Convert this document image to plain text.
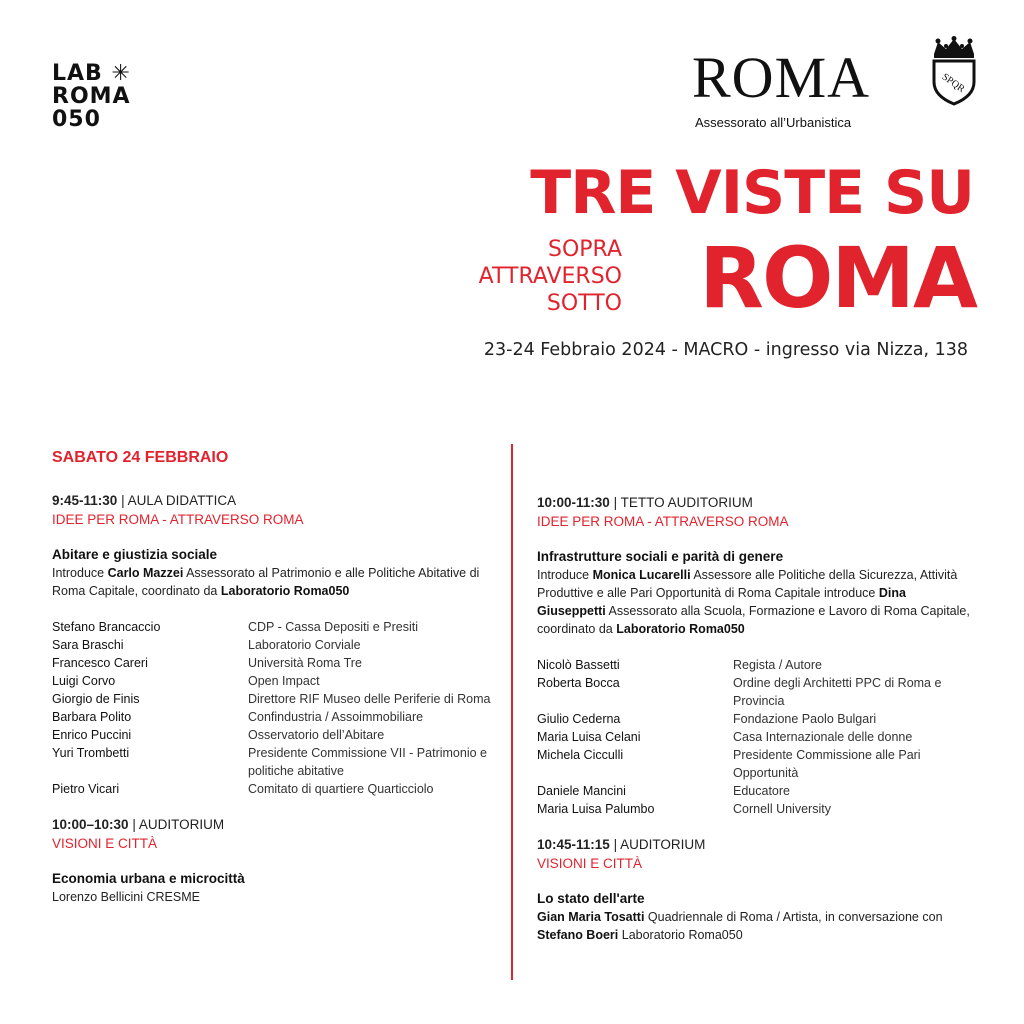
LAB ✳
ROMA
050
ROMA
Assessorato all’Urbanistica
SPQR
TRE VISTE SU
SOPRA
ATTRAVERSO
SOTTO ROMA
23-24 Febbraio 2024 - MACRO - ingresso via Nizza, 138
SABATO 24 FEBBRAIO
9:45-11:30 | AULA DIDATTICA
IDEE PER ROMA - ATTRAVERSO ROMA
Abitare e giustizia sociale
Introduce Carlo Mazzei Assessorato al Patrimonio e alle Politiche Abitative di Roma Capitale, coordinato da Laboratorio Roma050
Stefano Brancaccio	CDP - Cassa Depositi e Presiti
Sara Braschi	Laboratorio Corviale
Francesco Careri	Università Roma Tre
Luigi Corvo	Open Impact
Giorgio de Finis	Direttore RIF Museo delle Periferie di Roma
Barbara Polito	Confindustria / Assoimmobiliare
Enrico Puccini	Osservatorio dell’Abitare
Yuri Trombetti	Presidente Commissione VII - Patrimonio e politiche abitative
Pietro Vicari	Comitato di quartiere Quarticciolo
10:00–10:30 | AUDITORIUM
VISIONI E CITTÀ
Economia urbana e microcittà
Lorenzo Bellicini CRESME
10:00-11:30 | TETTO AUDITORIUM
IDEE PER ROMA - ATTRAVERSO ROMA
Infrastrutture sociali e parità di genere
Introduce Monica Lucarelli Assessore alle Politiche della Sicurezza, Attività Produttive e alle Pari Opportunità di Roma Capitale introduce Dina Giuseppetti Assessorato alla Scuola, Formazione e Lavoro di Roma Capitale, coordinato da Laboratorio Roma050
Nicolò Bassetti	Regista / Autore
Roberta Bocca	Ordine degli Architetti PPC di Roma e Provincia
Giulio Cederna	Fondazione Paolo Bulgari
Maria Luisa Celani	Casa Internazionale delle donne
Michela Cicculli	Presidente Commissione alle Pari Opportunità
Daniele Mancini	Educatore
Maria Luisa Palumbo	Cornell University
10:45-11:15 | AUDITORIUM
VISIONI E CITTÀ
Lo stato dell'arte
Gian Maria Tosatti Quadriennale di Roma / Artista, in conversazione con Stefano Boeri Laboratorio Roma050
